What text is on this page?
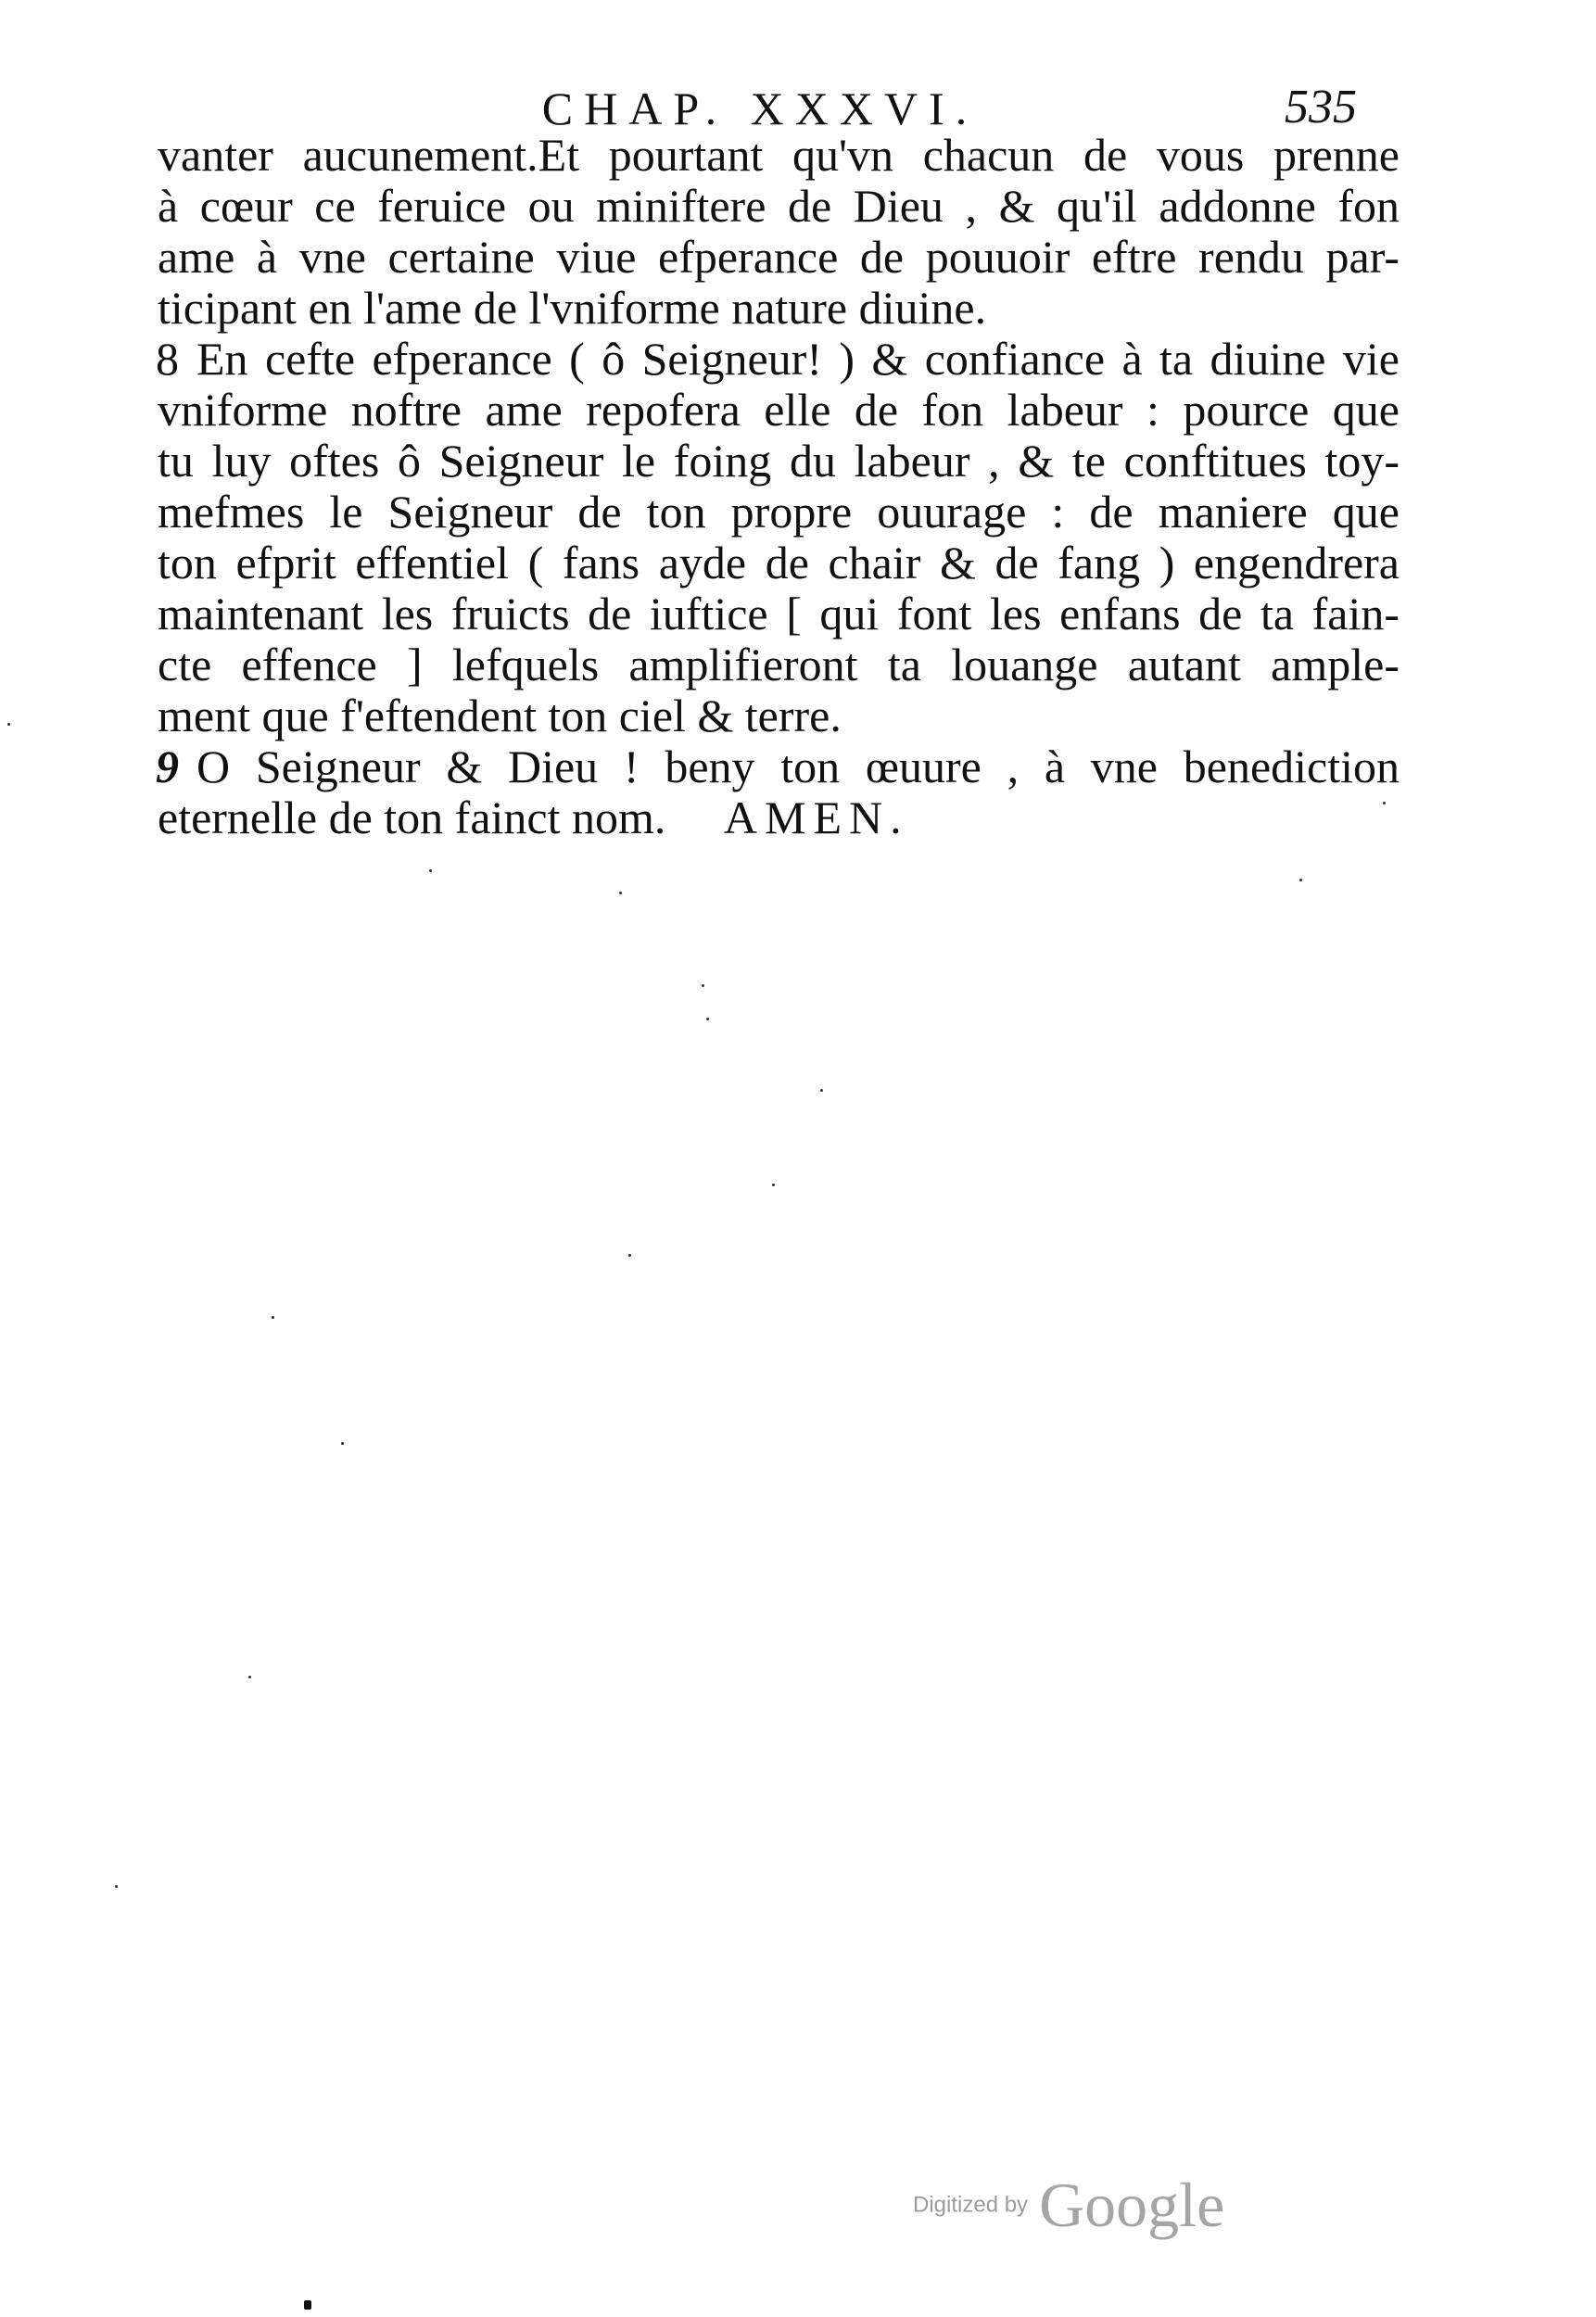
CHAP. XXXVI.	535
vanter aucunement.Et pourtant qu'vn chacun de vous prenne
à cœur ce feruice ou miniftere de Dieu , & qu'il addonne fon
ame à vne certaine viue efperance de pouuoir eftre rendu par-
ticipant en l'ame de l'vniforme nature diuine.
8 En cefte efperance ( ô Seigneur! ) & confiance à ta diuine vie
vniforme noftre ame repofera elle de fon labeur : pource que
tu luy oftes ô Seigneur le foing du labeur , & te conftitues toy-
mefmes le Seigneur de ton propre ouurage : de maniere que
ton efprit effentiel ( fans ayde de chair & de fang ) engendrera
maintenant les fruicts de iuftice [ qui font les enfans de ta fain-
cte effence ] lefquels amplifieront ta louange autant ample-
ment que f'eftendent ton ciel & terre.
9 O Seigneur & Dieu ! beny ton œuure , à vne benediction
eternelle de ton fainct nom. AMEN.
Digitized by Google
